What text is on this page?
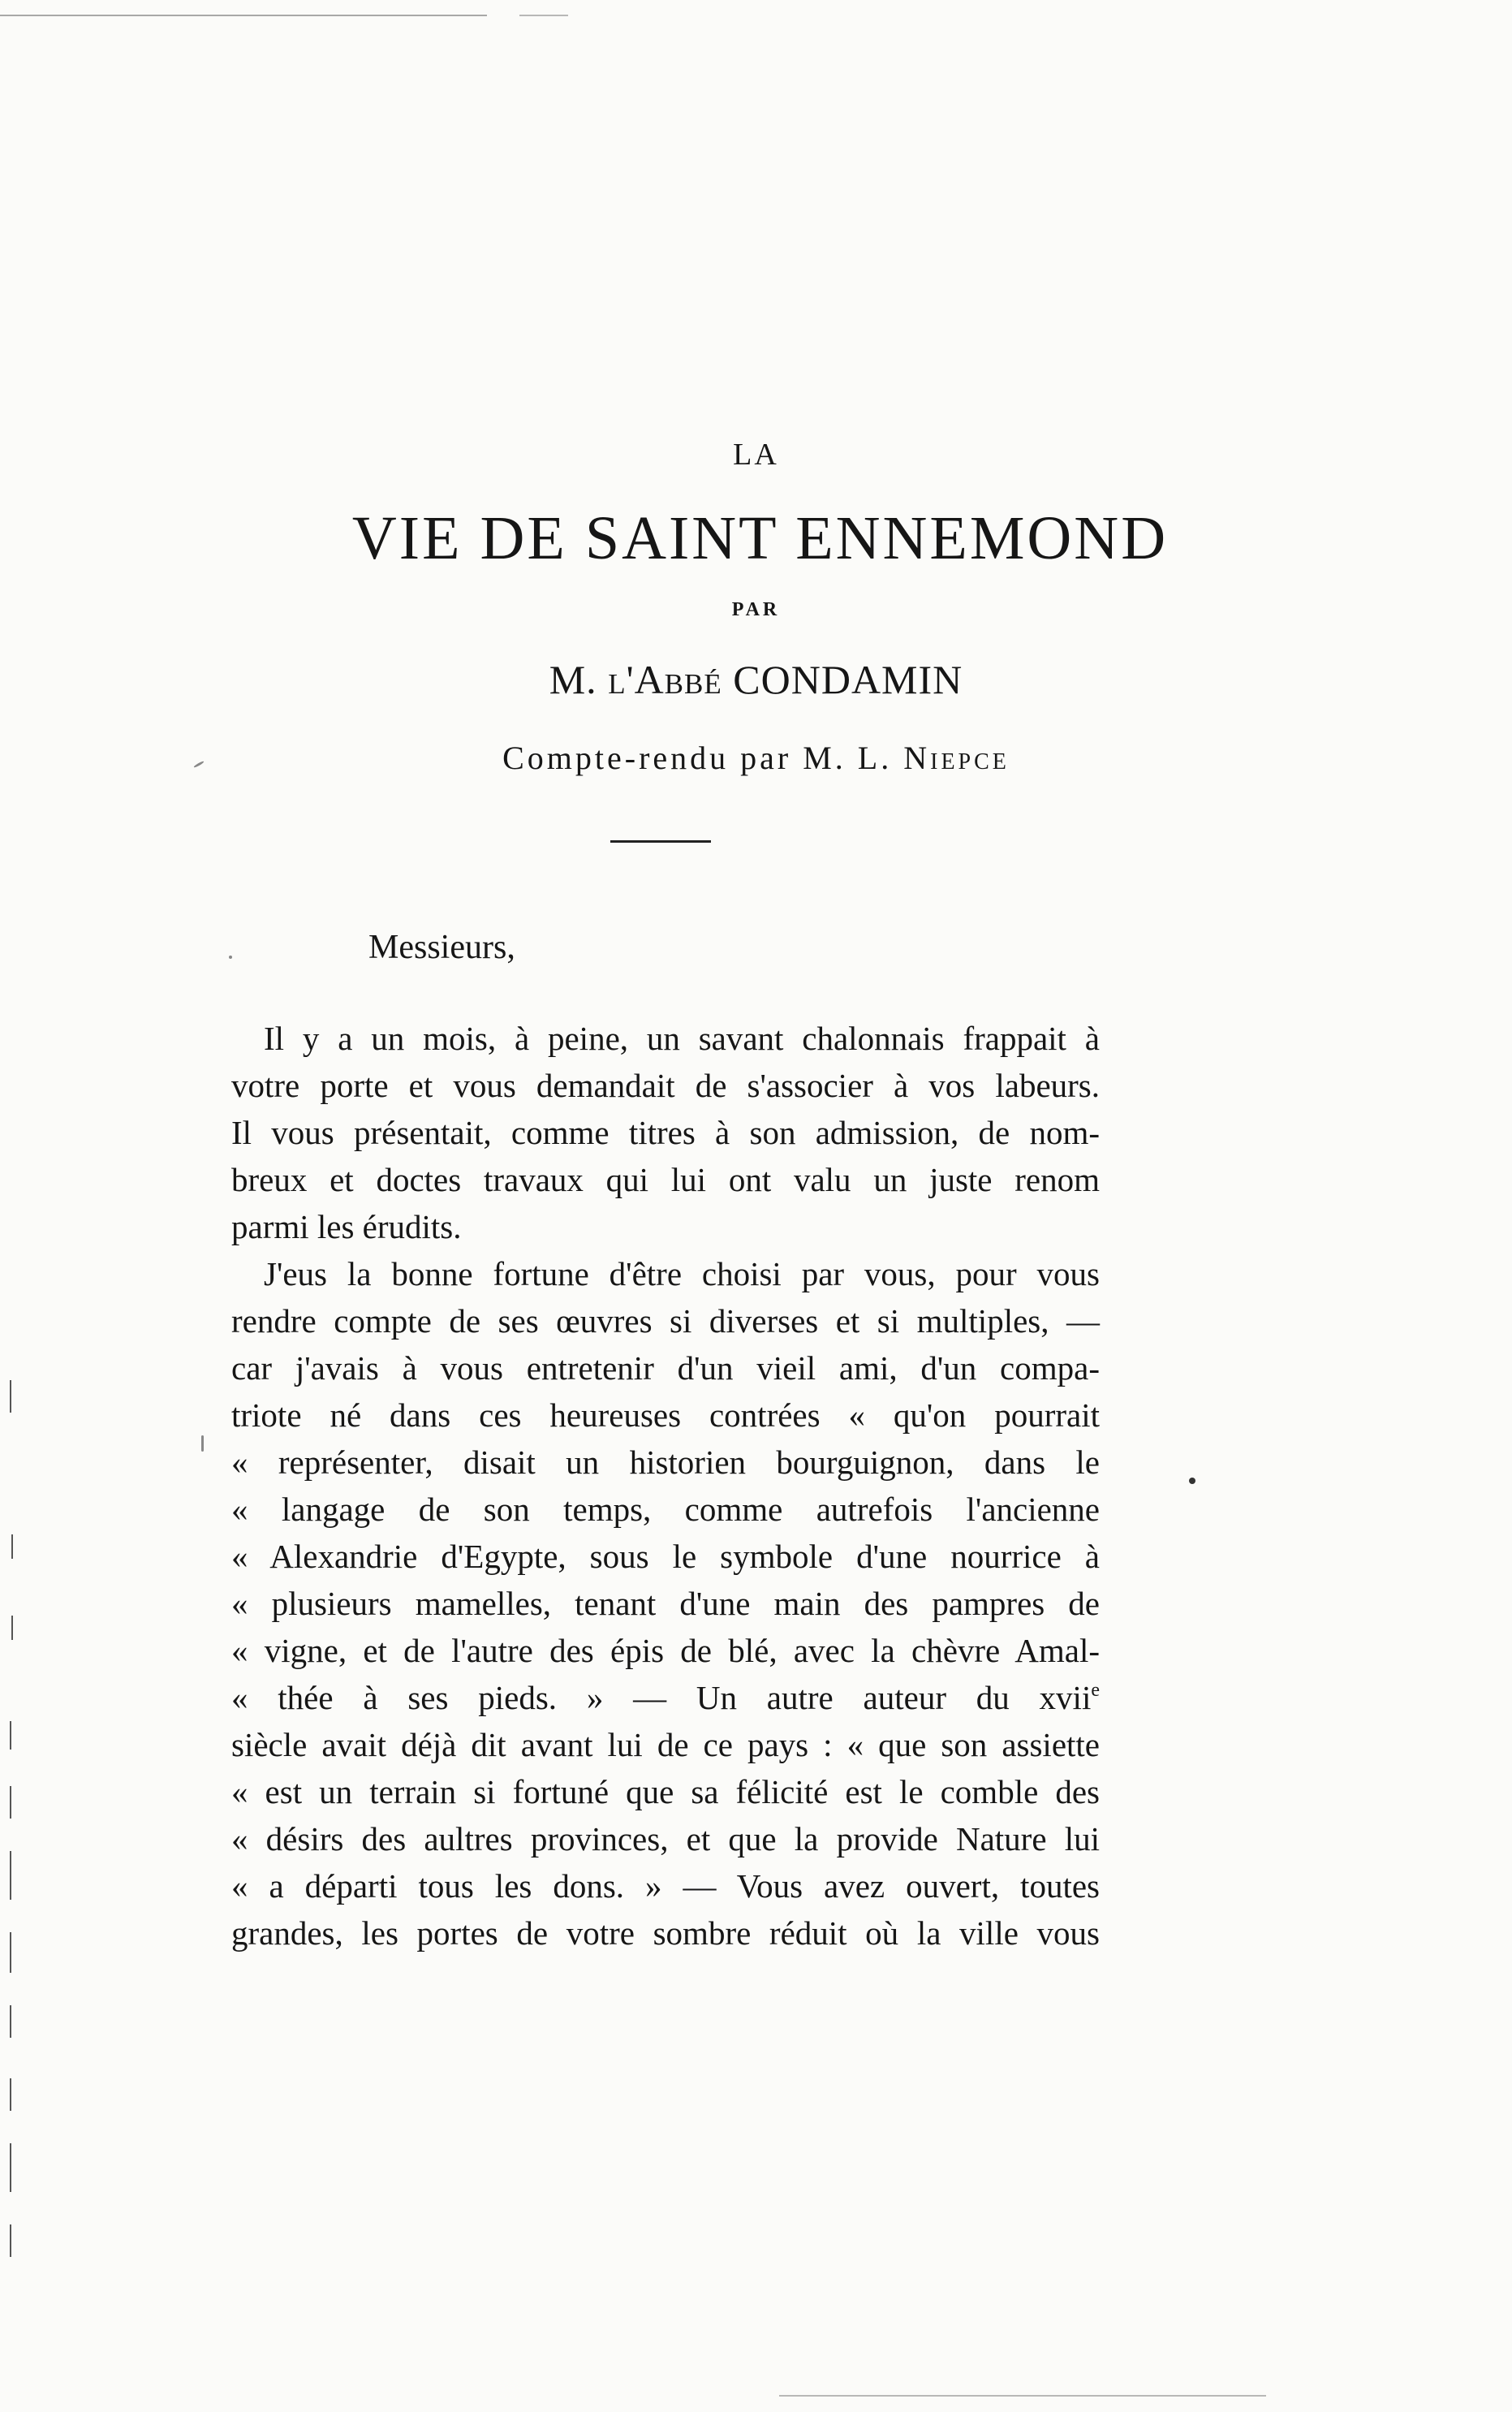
LA
VIE DE SAINT ENNEMOND
PAR
M. l'Abbé CONDAMIN
Compte-rendu par M. L. Niepce
Messieurs,
Il y a un mois, à peine, un savant chalonnais frappait à
votre porte et vous demandait de s'associer à vos labeurs.
Il vous présentait, comme titres à son admission, de nom-
breux et doctes travaux qui lui ont valu un juste renom
parmi les érudits.
J'eus la bonne fortune d'être choisi par vous, pour vous
rendre compte de ses œuvres si diverses et si multiples, —
car j'avais à vous entretenir d'un vieil ami, d'un compa-
triote né dans ces heureuses contrées « qu'on pourrait
« représenter, disait un historien bourguignon, dans le
« langage de son temps, comme autrefois l'ancienne
« Alexandrie d'Egypte, sous le symbole d'une nourrice à
« plusieurs mamelles, tenant d'une main des pampres de
« vigne, et de l'autre des épis de blé, avec la chèvre Amal-
« thée à ses pieds. » — Un autre auteur du xvii$^e$
siècle avait déjà dit avant lui de ce pays : « que son assiette
« est un terrain si fortuné que sa félicité est le comble des
« désirs des aultres provinces, et que la provide Nature lui
« a départi tous les dons. » — Vous avez ouvert, toutes
grandes, les portes de votre sombre réduit où la ville vous
